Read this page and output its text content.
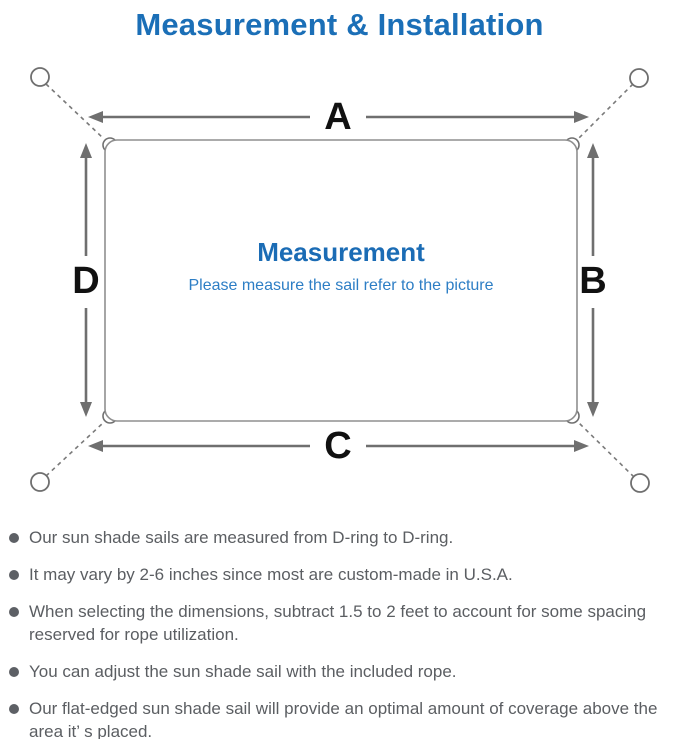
Measurement & Installation
A
C
D	B
Measurement
Please measure the sail refer to the picture
Our sun shade sails are measured from D-ring to D-ring.
It may vary by 2-6 inches since most are custom-made in U.S.A.
When selecting the dimensions, subtract 1.5 to 2 feet to account for some spacing reserved for rope utilization.
You can adjust the sun shade sail with the included rope.
Our flat-edged sun shade sail will provide an optimal amount of coverage above the area it’ s placed.
